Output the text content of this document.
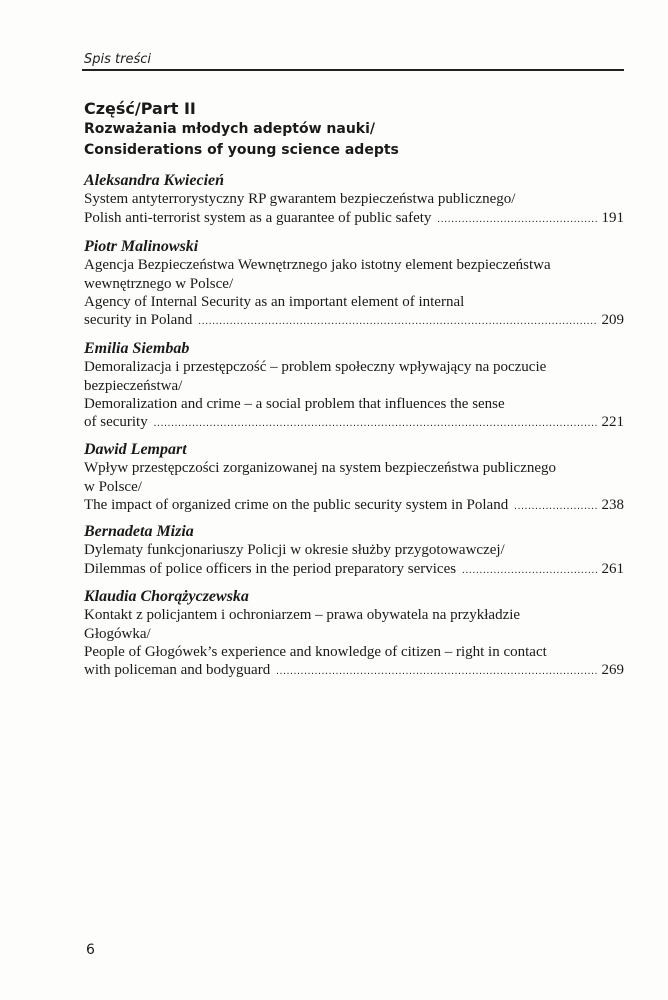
Spis treści
Część/Part II
Rozważania młodych adeptów nauki/
Considerations of young science adepts
Aleksandra Kwiecień
System antyterrorystyczny RP gwarantem bezpieczeństwa publicznego/
Polish anti-terrorist system as a guarantee of public safety .....	191
Piotr Malinowski
Agencja Bezpieczeństwa Wewnętrznego jako istotny element bezpieczeństwa
wewnętrznego w Polsce/
Agency of Internal Security as an important element of internal
security in Poland .....	209
Emilia Siembab
Demoralizacja i przestępczość – problem społeczny wpływający na poczucie
bezpieczeństwa/
Demoralization and crime – a social problem that influences the sense
of security .....	221
Dawid Lempart
Wpływ przestępczości zorganizowanej na system bezpieczeństwa publicznego
w Polsce/
The impact of organized crime on the public security system in Poland .....	238
Bernadeta Mizia
Dylematy funkcjonariuszy Policji w okresie służby przygotowawczej/
Dilemmas of police officers in the period preparatory services .....	261
Klaudia Chorążyczewska
Kontakt z policjantem i ochroniarzem – prawa obywatela na przykładzie
Głogówka/
People of Głogówek’s experience and knowledge of citizen – right in contact
with policeman and bodyguard .....	269
6
